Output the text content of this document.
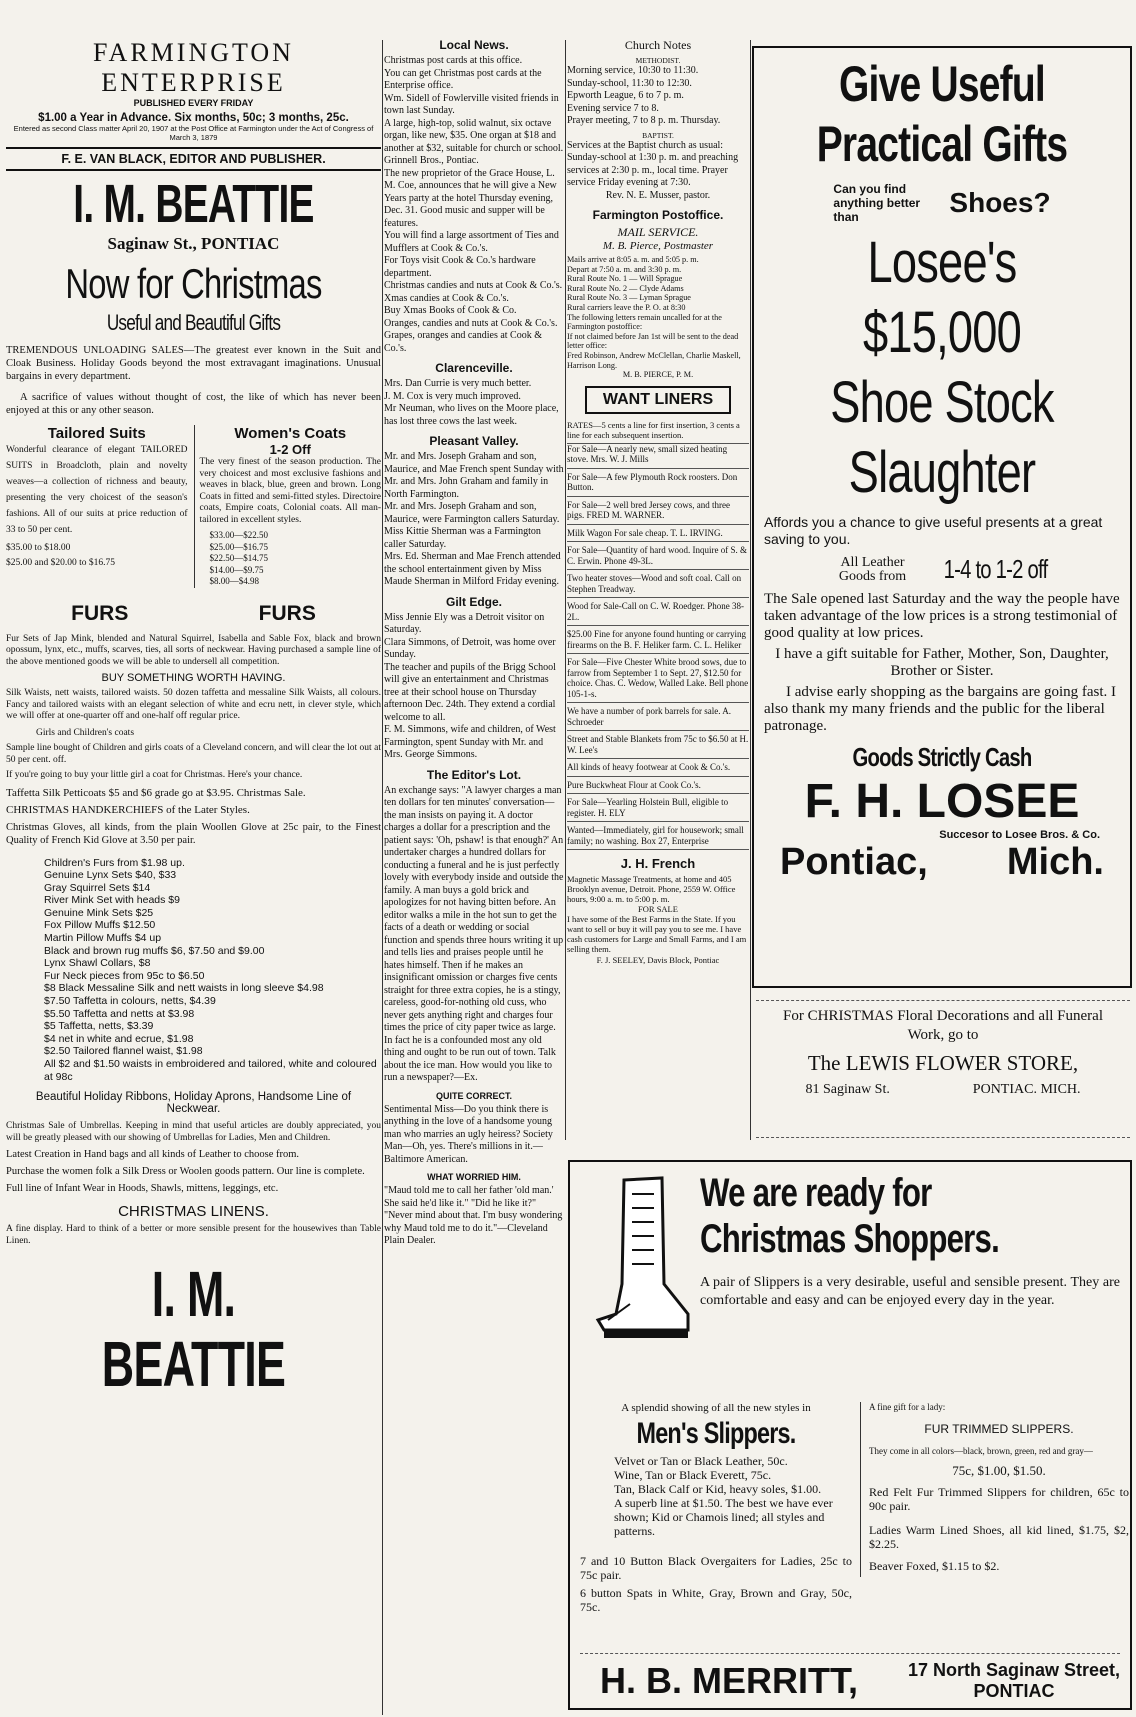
FARMINGTON ENTERPRISE
PUBLISHED EVERY FRIDAY
$1.00 a Year in Advance. Six months, 50c; 3 months, 25c.
Entered as second Class matter April 20, 1907 at the Post Office at Farmington under the Act of Congress of March 3, 1879
F. E. VAN BLACK, EDITOR AND PUBLISHER.
I. M. BEATTIE
Saginaw St., PONTIAC
Now for Christmas
Useful and Beautiful Gifts

TREMENDOUS UNLOADING SALES—The greatest ever known in the Suit and Cloak Business. Holiday Goods beyond the most extravagant imaginations. Unusual bargains in every department.

A sacrifice of values without thought of cost, the like of which has never been enjoyed at this or any other season.

Tailored Suits

Wonderful clearance of elegant TAILORED SUITS in Broadcloth, plain and novelty weaves—a collection of richness and beauty, presenting the very choicest of the season's fashions. All of our suits at price reduction of 33 to 50 per cent.

$35.00 to $18.00

$25.00 and $20.00 to $16.75

Women's Coats
1-2 Off

The very finest of the season production. The very choicest and most exclusive fashions and weaves in black, blue, green and brown. Long Coats in fitted and semi-fitted styles. Directoire coats, Empire coats, Colonial coats. All man-tailored in excellent styles.

$33.00—$22.50
$25.00—$16.75
$22.50—$14.75
$14.00—$9.75
$8.00—$4.98
FURS	FURS

Fur Sets of Jap Mink, blended and Natural Squirrel, Isabella and Sable Fox, black and brown opossum, lynx, etc., muffs, scarves, ties, all sorts of neckwear. Having purchased a sample line of the above mentioned goods we will be able to undersell all competition.

BUY SOMETHING WORTH HAVING.

Silk Waists, nett waists, tailored waists. 50 dozen taffetta and messaline Silk Waists, all colours. Fancy and tailored waists with an elegant selection of white and ecru nett, in clever style, which we will offer at one-quarter off and one-half off regular price.

Girls and Children's coats

Sample line bought of Children and girls coats of a Cleveland concern, and will clear the lot out at 50 per cent. off.

If you're going to buy your little girl a coat for Christmas. Here's your chance.

Taffetta Silk Petticoats $5 and $6 grade go at $3.95. Christmas Sale.

CHRISTMAS HANDKERCHIEFS of the Later Styles.

Christmas Gloves, all kinds, from the plain Woollen Glove at 25c pair, to the Finest Quality of French Kid Glove at 3.50 per pair.

Children's Furs from $1.98 up.
Genuine Lynx Sets $40, $33
Gray Squirrel Sets $14
River Mink Set with heads $9
Genuine Mink Sets $25
Fox Pillow Muffs $12.50
Martin Pillow Muffs $4 up
Black and brown rug muffs $6, $7.50 and $9.00
Lynx Shawl Collars, $8
Fur Neck pieces from 95c to $6.50
$8 Black Messaline Silk and nett waists in long sleeve $4.98
$7.50 Taffetta in colours, netts, $4.39
$5.50 Taffetta and netts at $3.98
$5 Taffetta, netts, $3.39
$4 net in white and ecrue, $1.98
$2.50 Tailored flannel waist, $1.98
All $2 and $1.50 waists in embroidered and tailored, white and coloured at 98c
Beautiful Holiday Ribbons, Holiday Aprons, Handsome Line of Neckwear.

Christmas Sale of Umbrellas. Keeping in mind that useful articles are doubly appreciated, you will be greatly pleased with our showing of Umbrellas for Ladies, Men and Children.

Latest Creation in Hand bags and all kinds of Leather to choose from.

Purchase the women folk a Silk Dress or Woolen goods pattern. Our line is complete.

Full line of Infant Wear in Hoods, Shawls, mittens, leggings, etc.

CHRISTMAS LINENS.

A fine display. Hard to think of a better or more sensible present for the housewives than Table Linen.

I. M. BEATTIE
Local News.

Christmas post cards at this office.

You can get Christmas post cards at the Enterprise office.

Wm. Sidell of Fowlerville visited friends in town last Sunday.

A large, high-top, solid walnut, six octave organ, like new, $35. One organ at $18 and another at $32, suitable for church or school. Grinnell Bros., Pontiac.

The new proprietor of the Grace House, L. M. Coe, announces that he will give a New Years party at the hotel Thursday evening, Dec. 31. Good music and supper will be features.

You will find a large assortment of Ties and Mufflers at Cook & Co.'s.

For Toys visit Cook & Co.'s hardware department.

Christmas candies and nuts at Cook & Co.'s.

Xmas candies at Cook & Co.'s.

Buy Xmas Books of Cook & Co.

Oranges, candies and nuts at Cook & Co.'s.

Grapes, oranges and candies at Cook & Co.'s.

Clarenceville.

Mrs. Dan Currie is very much better.

J. M. Cox is very much improved.

Mr Neuman, who lives on the Moore place, has lost three cows the last week.

Pleasant Valley.

Mr. and Mrs. Joseph Graham and son, Maurice, and Mae French spent Sunday with Mr. and Mrs. John Graham and family in North Farmington.

Mr. and Mrs. Joseph Graham and son, Maurice, were Farmington callers Saturday.

Miss Kittie Sherman was a Farmington caller Saturday.

Mrs. Ed. Sherman and Mae French attended the school entertainment given by Miss Maude Sherman in Milford Friday evening.

Gilt Edge.

Miss Jennie Ely was a Detroit visitor on Saturday.

Clara Simmons, of Detroit, was home over Sunday.

The teacher and pupils of the Brigg School will give an entertainment and Christmas tree at their school house on Thursday afternoon Dec. 24th. They extend a cordial welcome to all.

F. M. Simmons, wife and children, of West Farmington, spent Sunday with Mr. and Mrs. George Simmons.

The Editor's Lot.

An exchange says: "A lawyer charges a man ten dollars for ten minutes' conversation—the man insists on paying it. A doctor charges a dollar for a prescription and the patient says: 'Oh, pshaw! is that enough?' An undertaker charges a hundred dollars for conducting a funeral and he is just perfectly lovely with everybody inside and outside the family. A man buys a gold brick and apologizes for not having bitten before. An editor walks a mile in the hot sun to get the facts of a death or wedding or social function and spends three hours writing it up and tells lies and praises people until he hates himself. Then if he makes an insignificant omission or charges five cents straight for three extra copies, he is a stingy, careless, good-for-nothing old cuss, who never gets anything right and charges four times the price of city paper twice as large. In fact he is a confounded most any old thing and ought to be run out of town. Talk about the ice man. How would you like to run a newspaper?—Ex.

QUITE CORRECT.

Sentimental Miss—Do you think there is anything in the love of a handsome young man who marries an ugly heiress? Society Man—Oh, yes. There's millions in it.—Baltimore American.

WHAT WORRIED HIM.

"Maud told me to call her father 'old man.' She said he'd like it." "Did he like it?" "Never mind about that. I'm busy wondering why Maud told me to do it."—Cleveland Plain Dealer.

Church Notes
METHODIST.

Morning service, 10:30 to 11:30.

Sunday-school, 11:30 to 12:30.

Epworth League, 6 to 7 p. m.

Evening service 7 to 8.

Prayer meeting, 7 to 8 p. m. Thursday.

BAPTIST.

Services at the Baptist church as usual: Sunday-school at 1:30 p. m. and preaching services at 2:30 p. m., local time. Prayer service Friday evening at 7:30.

Rev. N. E. Musser, pastor.

Farmington Postoffice.
MAIL SERVICE.
M. B. Pierce, Postmaster
Mails arrive at 8:05 a. m. and 5:05 p. m.
Depart at 7:50 a. m. and 3:30 p. m.
Rural Route No. 1 — Will Sprague
Rural Route No. 2 — Clyde Adams
Rural Route No. 3 — Lyman Sprague
Rural carriers leave the P. O. at 8:30
The following letters remain uncalled for at the Farmington postoffice:
If not claimed before Jan 1st will be sent to the dead letter office:
Fred Robinson, Andrew McClellan, Charlie Maskell, Harrison Long.
M. B. PIERCE, P. M.
WANT LINERS

RATES—5 cents a line for first insertion, 3 cents a line for each subsequent insertion.

For Sale—A nearly new, small sized heating stove. Mrs. W. J. Mills

For Sale—A few Plymouth Rock roosters. Don Button.

For Sale—2 well bred Jersey cows, and three pigs. FRED M. WARNER.

Milk Wagon For sale cheap. T. L. IRVING.

For Sale—Quantity of hard wood. Inquire of S. & C. Erwin. Phone 49-3L.

Two heater stoves—Wood and soft coal. Call on Stephen Treadway.

Wood for Sale-Call on C. W. Roedger. Phone 38-2L.

$25.00 Fine for anyone found hunting or carrying firearms on the B. F. Heliker farm. C. L. Heliker

For Sale—Five Chester White brood sows, due to farrow from September 1 to Sept. 27, $12.50 for choice. Chas. C. Wedow, Walled Lake. Bell phone 105-1-s.

We have a number of pork barrels for sale. A. Schroeder

Street and Stable Blankets from 75c to $6.50 at H. W. Lee's

All kinds of heavy footwear at Cook & Co.'s.

Pure Buckwheat Flour at Cook Co.'s.

For Sale—Yearling Holstein Bull, eligible to register. H. ELY

Wanted—Immediately, girl for housework; small family; no washing. Box 27, Enterprise

J. H. French

Magnetic Massage Treatments, at home and 405 Brooklyn avenue, Detroit. Phone, 2559 W. Office hours, 9:00 a. m. to 5:00 p. m.

FOR SALE

I have some of the Best Farms in the State. If you want to sell or buy it will pay you to see me. I have cash customers for Large and Small Farms, and I am selling them.

F. J. SEELEY, Davis Block, Pontiac

Give Useful
Practical Gifts
Can you find anything better than	Shoes?
Losee's $15,000
Shoe Stock
Slaughter

Affords you a chance to give useful presents at a great saving to you.

All Leather Goods from	1-4 to 1-2 off

The Sale opened last Saturday and the way the people have taken advantage of the low prices is a strong testimonial of good quality at low prices.

I have a gift suitable for Father, Mother, Son, Daughter, Brother or Sister.

I advise early shopping as the bargains are going fast. I also thank my many friends and the public for the liberal patronage.

Goods Strictly Cash
F. H. LOSEE
Succesor to Losee Bros. & Co.
Pontiac, Mich.

For CHRISTMAS Floral Decorations and all Funeral Work, go to

The LEWIS FLOWER STORE,
81 Saginaw St.	PONTIAC. MICH.
We are ready for
Christmas Shoppers.

A pair of Slippers is a very desirable, useful and sensible present. They are comfortable and easy and can be enjoyed every day in the year.

A splendid showing of all the new styles in
Men's Slippers.
Velvet or Tan or Black Leather, 50c.
Wine, Tan or Black Everett, 75c.
Tan, Black Calf or Kid, heavy soles, $1.00.
A superb line at $1.50. The best we have ever shown; Kid or Chamois lined; all styles and patterns.

7 and 10 Button Black Overgaiters for Ladies, 25c to 75c pair.

6 button Spats in White, Gray, Brown and Gray, 50c, 75c.

A fine gift for a lady:
FUR TRIMMED SLIPPERS.

They come in all colors—black, brown, green, red and gray—

75c, $1.00, $1.50.

Red Felt Fur Trimmed Slippers for children, 65c to 90c pair.

Ladies Warm Lined Shoes, all kid lined, $1.75, $2, $2.25.

Beaver Foxed, $1.15 to $2.

H. B. MERRITT,	17 North Saginaw Street,
PONTIAC
